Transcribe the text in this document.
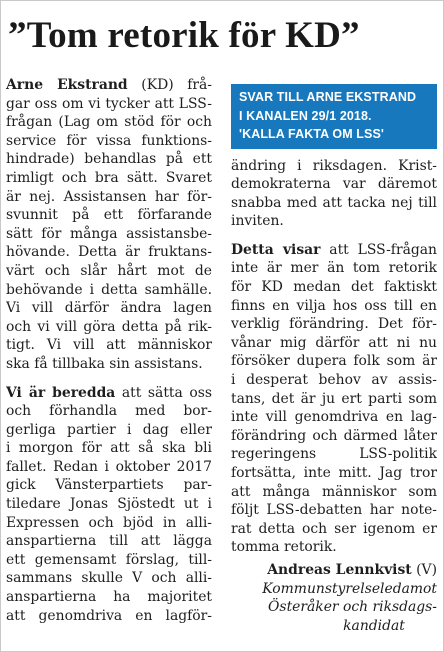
”Tom retorik för KD”

Arne Ekstrand (KD) frå-
gar oss om vi tycker att LSS-
frågan (Lag om stöd för och
service för vissa funktions-
hindrade) behandlas på ett
rimligt och bra sätt. Svaret
är nej. Assistansen har för-
svunnit på ett förfarande
sätt för många assistansbe-
hövande. Detta är fruktans-
värt och slår hårt mot de
behövande i detta samhälle.
Vi vill därför ändra lagen
och vi vill göra detta på rik-
tigt. Vi vill att människor
ska få tillbaka sin assistans.

Vi är beredda att sätta oss
och förhandla med bor-
gerliga partier i dag eller
i morgon för att så ska bli
fallet. Redan i oktober 2017
gick Vänsterpartiets par-
tiledare Jonas Sjöstedt ut i
Expressen och bjöd in alli-
anspartierna till att lägga
ett gemensamt förslag, till-
sammans skulle V och alli-
anspartierna ha majoritet
att genomdriva en lagför-

SVAR TILL ARNE EKSTRAND
I KANALEN 29/1 2018.
'KALLA FAKTA OM LSS'

ändring i riksdagen. Krist-
demokraterna var däremot
snabba med att tacka nej till
inviten.

Detta visar att LSS-frågan
inte är mer än tom retorik
för KD medan det faktiskt
finns en vilja hos oss till en
verklig förändring. Det för-
vånar mig därför att ni nu
försöker dupera folk som är
i desperat behov av assis-
tans, det är ju ert parti som
inte vill genomdriva en lag-
förändring och därmed låter
regeringens LSS-politik
fortsätta, inte mitt. Jag tror
att många människor som
följt LSS-debatten har note-
rat detta och ser igenom er
tomma retorik.

Andreas Lennkvist (V)
Kommunstyrelseledamot
Österåker och riksdags-
kandidat
